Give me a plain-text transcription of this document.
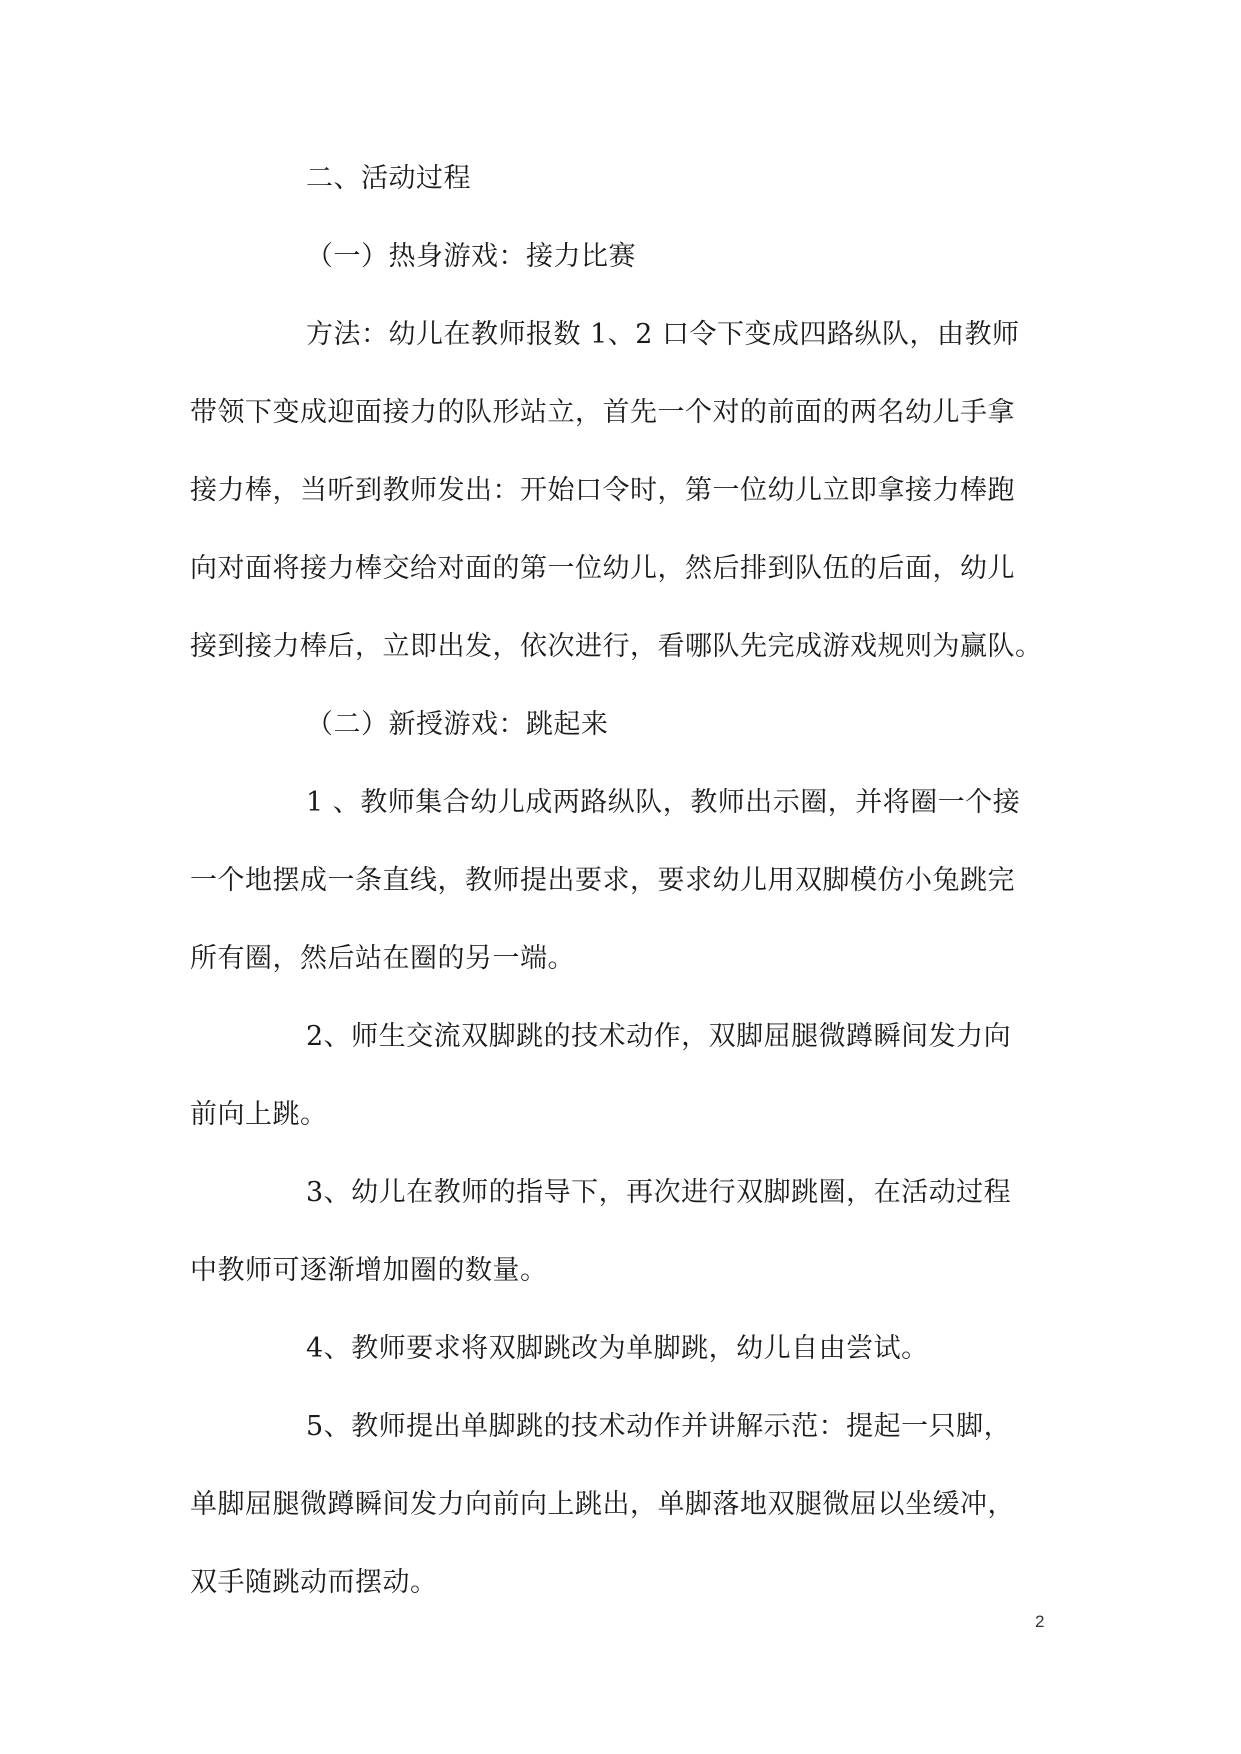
二、活动过程
（一）热身游戏：接力比赛
方法：幼儿在教师报数 1、2 口令下变成四路纵队，由教师
带领下变成迎面接力的队形站立，首先一个对的前面的两名幼儿手拿
接力棒，当听到教师发出：开始口令时，第一位幼儿立即拿接力棒跑
向对面将接力棒交给对面的第一位幼儿，然后排到队伍的后面，幼儿
接到接力棒后，立即出发，依次进行，看哪队先完成游戏规则为赢队。
（二）新授游戏：跳起来
1 、教师集合幼儿成两路纵队，教师出示圈，并将圈一个接
一个地摆成一条直线，教师提出要求，要求幼儿用双脚模仿小兔跳完
所有圈，然后站在圈的另一端。
2、师生交流双脚跳的技术动作，双脚屈腿微蹲瞬间发力向
前向上跳。
3、幼儿在教师的指导下，再次进行双脚跳圈，在活动过程
中教师可逐渐增加圈的数量。
4、教师要求将双脚跳改为单脚跳，幼儿自由尝试。
5、教师提出单脚跳的技术动作并讲解示范：提起一只脚，
单脚屈腿微蹲瞬间发力向前向上跳出，单脚落地双腿微屈以坐缓冲，
双手随跳动而摆动。
2
